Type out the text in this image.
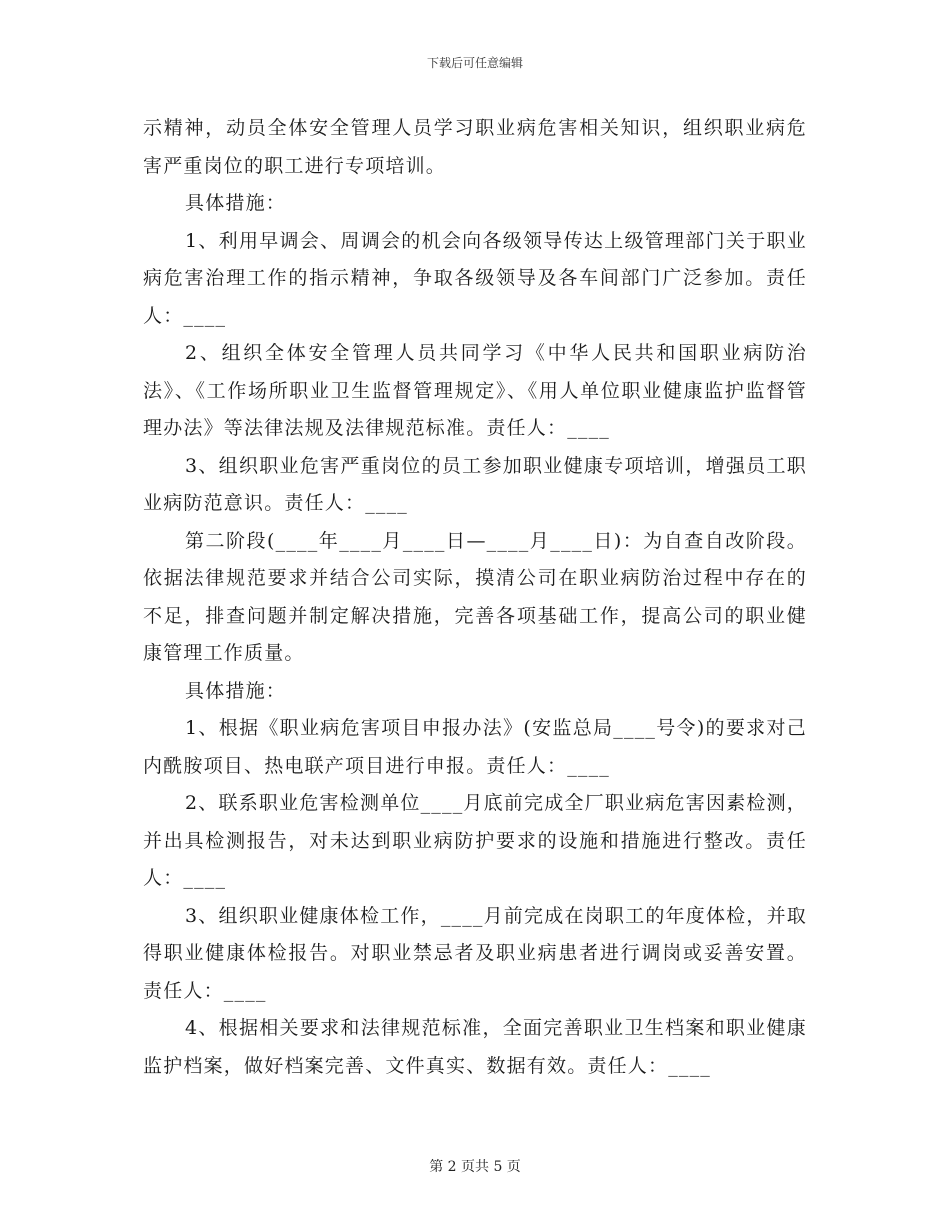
下载后可任意编辑

示精神，动员全体安全管理人员学习职业病危害相关知识，组织职业病危害严重岗位的职工进行专项培训。

具体措施：

1、利用早调会、周调会的机会向各级领导传达上级管理部门关于职业病危害治理工作的指示精神，争取各级领导及各车间部门广泛参加。责任人：____

2、组织全体安全管理人员共同学习《中华人民共和国职业病防治法》、《工作场所职业卫生监督管理规定》、《用人单位职业健康监护监督管理办法》等法律法规及法律规范标准。责任人：____

3、组织职业危害严重岗位的员工参加职业健康专项培训，增强员工职业病防范意识。责任人：____

第二阶段(____年____月____日—____月____日)：为自查自改阶段。依据法律规范要求并结合公司实际，摸清公司在职业病防治过程中存在的不足，排查问题并制定解决措施，完善各项基础工作，提高公司的职业健康管理工作质量。

具体措施：

1、根据《职业病危害项目申报办法》(安监总局____号令)的要求对己内酰胺项目、热电联产项目进行申报。责任人：____

2、联系职业危害检测单位____月底前完成全厂职业病危害因素检测，并出具检测报告，对未达到职业病防护要求的设施和措施进行整改。责任人：____

3、组织职业健康体检工作，____月前完成在岗职工的年度体检，并取得职业健康体检报告。对职业禁忌者及职业病患者进行调岗或妥善安置。责任人：____

4、根据相关要求和法律规范标准，全面完善职业卫生档案和职业健康监护档案，做好档案完善、文件真实、数据有效。责任人：____

第 2 页共 5 页
